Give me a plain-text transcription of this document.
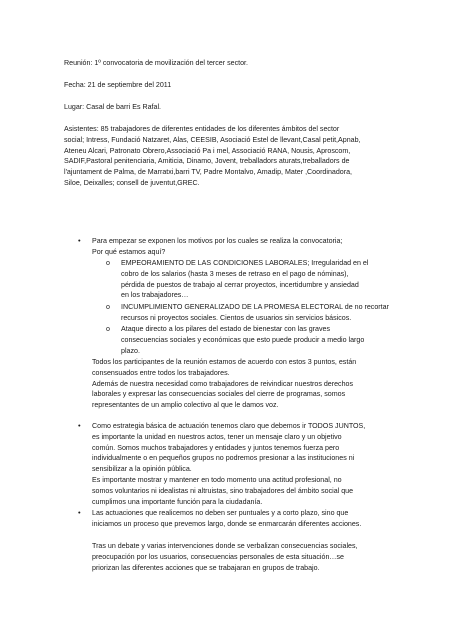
Reunión: 1º convocatoria de movilización del tercer sector.

Fecha: 21 de septiembre del 2011

Lugar: Casal de barri Es Rafal.

Asistentes: 85 trabajadores de diferentes entidades de los diferentes ámbitos del sector
social; Intress, Fundació Natzaret, Alas, CEESIB, Asociació Estel de llevant,Casal petit,Apnab,
Ateneu Alcari, Patronato Obrero,Associació Pa i mel, Associació RANA, Nousis, Aproscom,
SADIF,Pastoral penitenciaria, Amiticia, Dinamo, Jovent, treballadors aturats,treballadors de
l'ajuntament de Palma, de Marratxi,barri TV, Padre Montalvo, Amadip, Mater ,Coordinadora,
Siloe, Deixalles; consell de juventut,GREC.

•	Para empezar se exponen los motivos por los cuales se realiza la convocatoria;
Por qué estamos aquí?

o	EMPEORAMIENTO DE LAS CONDICIONES LABORALES; Irregularidad en el
cobro de los salarios (hasta 3 meses de retraso en el pago de nóminas),
pérdida de puestos de trabajo al cerrar proyectos, incertidumbre y ansiedad
en los trabajadores…

o	INCUMPLIMIENTO GENERALIZADO DE LA PROMESA ELECTORAL de no recortar
recursos ni proyectos sociales. Cientos de usuarios sin servicios básicos.

o	Ataque directo a los pilares del estado de bienestar con las graves
consecuencias sociales y económicas que esto puede producir a medio largo
plazo.

Todos los participantes de la reunión estamos de acuerdo con estos 3 puntos, están
consensuados entre todos los trabajadores.
Además de nuestra necesidad como trabajadores de reivindicar nuestros derechos
laborales y expresar las consecuencias sociales del cierre de programas, somos
representantes de un amplio colectivo al que le damos voz.

•	Como estrategia básica de actuación tenemos claro que debemos ir TODOS JUNTOS,
es importante la unidad en nuestros actos, tener un mensaje claro y un objetivo
común. Somos muchos trabajadores y entidades y juntos tenemos fuerza pero
individualmente o en pequeños grupos no podremos presionar a las instituciones ni
sensibilizar a la opinión pública.
Es importante mostrar y mantener en todo momento una actitud profesional, no
somos voluntarios ni idealistas ni altruistas, sino trabajadores del ámbito social que
cumplimos una importante función para la ciudadanía.

•	Las actuaciones que realicemos no deben ser puntuales y a corto plazo, sino que
iniciamos un proceso que prevemos largo, donde se enmarcarán diferentes acciones.

Tras un debate y varias intervenciones donde se verbalizan consecuencias sociales,
preocupación por los usuarios, consecuencias personales de esta situación…se
priorizan las diferentes acciones que se trabajaran en grupos de trabajo.
